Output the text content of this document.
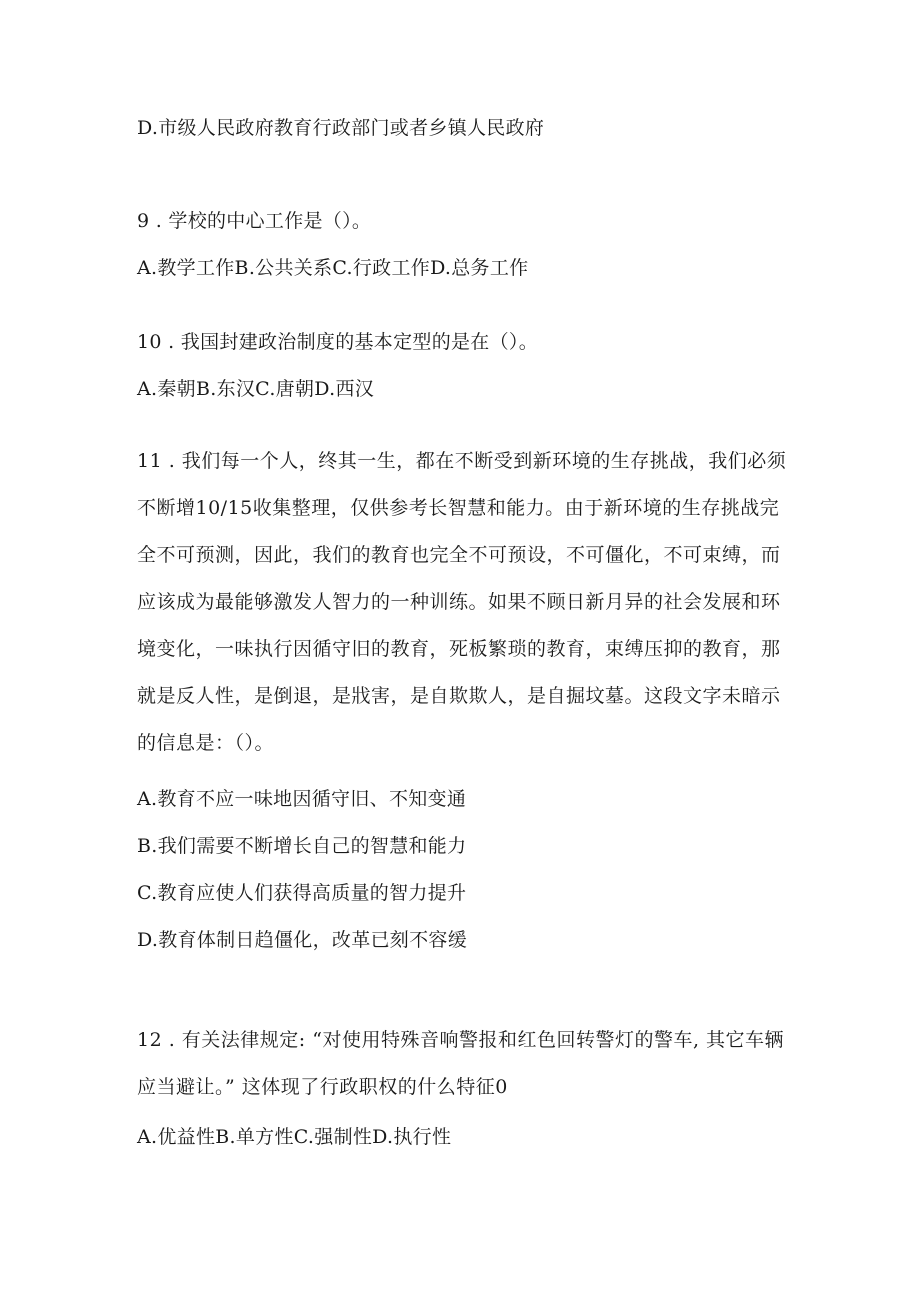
D.市级人民政府教育行政部门或者乡镇人民政府
9 . 学校的中心工作是（）。
A.教学工作B.公共关系C.行政工作D.总务工作
10 . 我国封建政治制度的基本定型的是在（）。
A.秦朝B.东汉C.唐朝D.西汉
11 . 我们每一个人，终其一生，都在不断受到新环境的生存挑战，我们必须不断增10/15收集整理，仅供参考长智慧和能力。由于新环境的生存挑战完全不可预测，因此，我们的教育也完全不可预设，不可僵化，不可束缚，而应该成为最能够激发人智力的一种训练。如果不顾日新月异的社会发展和环境变化，一味执行因循守旧的教育，死板繁琐的教育，束缚压抑的教育，那就是反人性，是倒退，是戕害，是自欺欺人，是自掘坟墓。这段文字未暗示的信息是：（）。
A.教育不应一味地因循守旧、不知变通
B.我们需要不断增长自己的智慧和能力
C.教育应使人们获得高质量的智力提升
D.教育体制日趋僵化，改革已刻不容缓
12 . 有关法律规定: “对使用特殊音响警报和红色回转警灯的警车, 其它车辆应当避让。” 这体现了行政职权的什么特征0
A.优益性B.单方性C.强制性D.执行性
